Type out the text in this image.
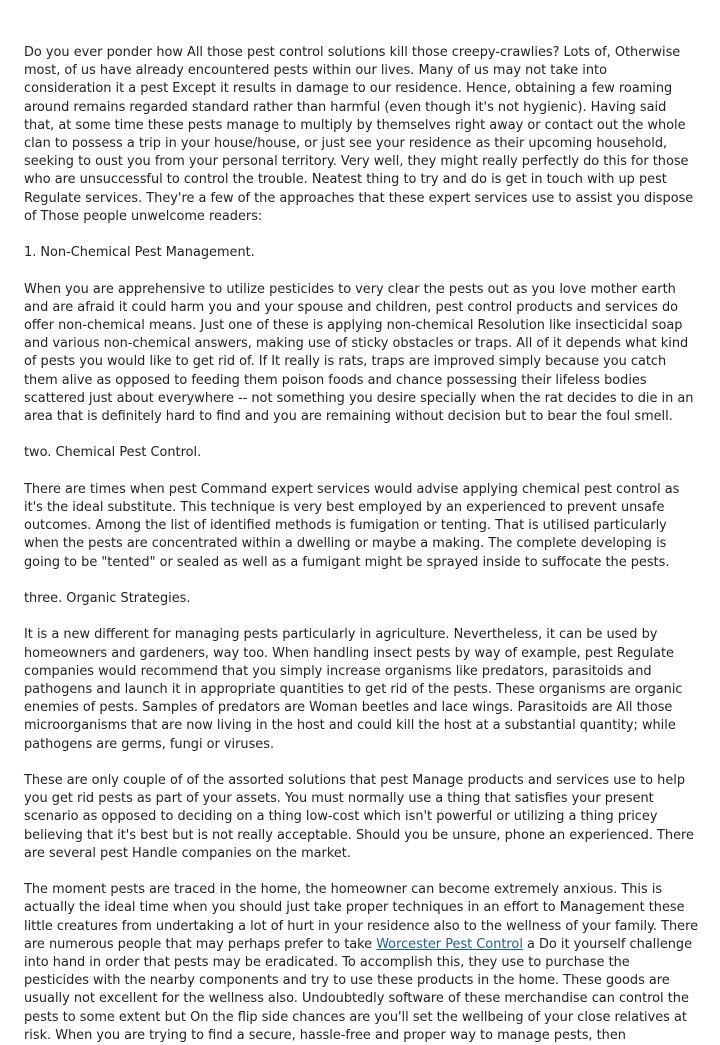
Do you ever ponder how All those pest control solutions kill those creepy-crawlies? Lots of, Otherwise most, of us have already encountered pests within our lives. Many of us may not take into consideration it a pest Except it results in damage to our residence. Hence, obtaining a few roaming around remains regarded standard rather than harmful (even though it's not hygienic). Having said that, at some time these pests manage to multiply by themselves right away or contact out the whole clan to possess a trip in your house/house, or just see your residence as their upcoming household, seeking to oust you from your personal territory. Very well, they might really perfectly do this for those who are unsuccessful to control the trouble. Neatest thing to try and do is get in touch with up pest Regulate services. They're a few of the approaches that these expert services use to assist you dispose of Those people unwelcome readers:

1. Non-Chemical Pest Management.

When you are apprehensive to utilize pesticides to very clear the pests out as you love mother earth and are afraid it could harm you and your spouse and children, pest control products and services do offer non-chemical means. Just one of these is applying non-chemical Resolution like insecticidal soap and various non-chemical answers, making use of sticky obstacles or traps. All of it depends what kind of pests you would like to get rid of. If It really is rats, traps are improved simply because you catch them alive as opposed to feeding them poison foods and chance possessing their lifeless bodies scattered just about everywhere -- not something you desire specially when the rat decides to die in an area that is definitely hard to find and you are remaining without decision but to bear the foul smell.

two. Chemical Pest Control.

There are times when pest Command expert services would advise applying chemical pest control as it's the ideal substitute. This technique is very best employed by an experienced to prevent unsafe outcomes. Among the list of identified methods is fumigation or tenting. That is utilised particularly when the pests are concentrated within a dwelling or maybe a making. The complete developing is going to be "tented" or sealed as well as a fumigant might be sprayed inside to suffocate the pests.

three. Organic Strategies.

It is a new different for managing pests particularly in agriculture. Nevertheless, it can be used by homeowners and gardeners, way too. When handling insect pests by way of example, pest Regulate companies would recommend that you simply increase organisms like predators, parasitoids and pathogens and launch it in appropriate quantities to get rid of the pests. These organisms are organic enemies of pests. Samples of predators are Woman beetles and lace wings. Parasitoids are All those microorganisms that are now living in the host and could kill the host at a substantial quantity; while pathogens are germs, fungi or viruses.

These are only couple of of the assorted solutions that pest Manage products and services use to help you get rid pests as part of your assets. You must normally use a thing that satisfies your present scenario as opposed to deciding on a thing low-cost which isn't powerful or utilizing a thing pricey believing that it's best but is not really acceptable. Should you be unsure, phone an experienced. There are several pest Handle companies on the market.

The moment pests are traced in the home, the homeowner can become extremely anxious. This is actually the ideal time when you should just take proper techniques in an effort to Management these little creatures from undertaking a lot of hurt in your residence also to the wellness of your family. There are numerous people that may perhaps prefer to take Worcester Pest Control a Do it yourself challenge into hand in order that pests may be eradicated. To accomplish this, they use to purchase the pesticides with the nearby components and try to use these products in the home. These goods are usually not excellent for the wellness also. Undoubtedly software of these merchandise can control the pests to some extent but On the flip side chances are you'll set the wellbeing of your close relatives at risk. When you are trying to find a secure, hassle-free and proper way to manage pests, then
